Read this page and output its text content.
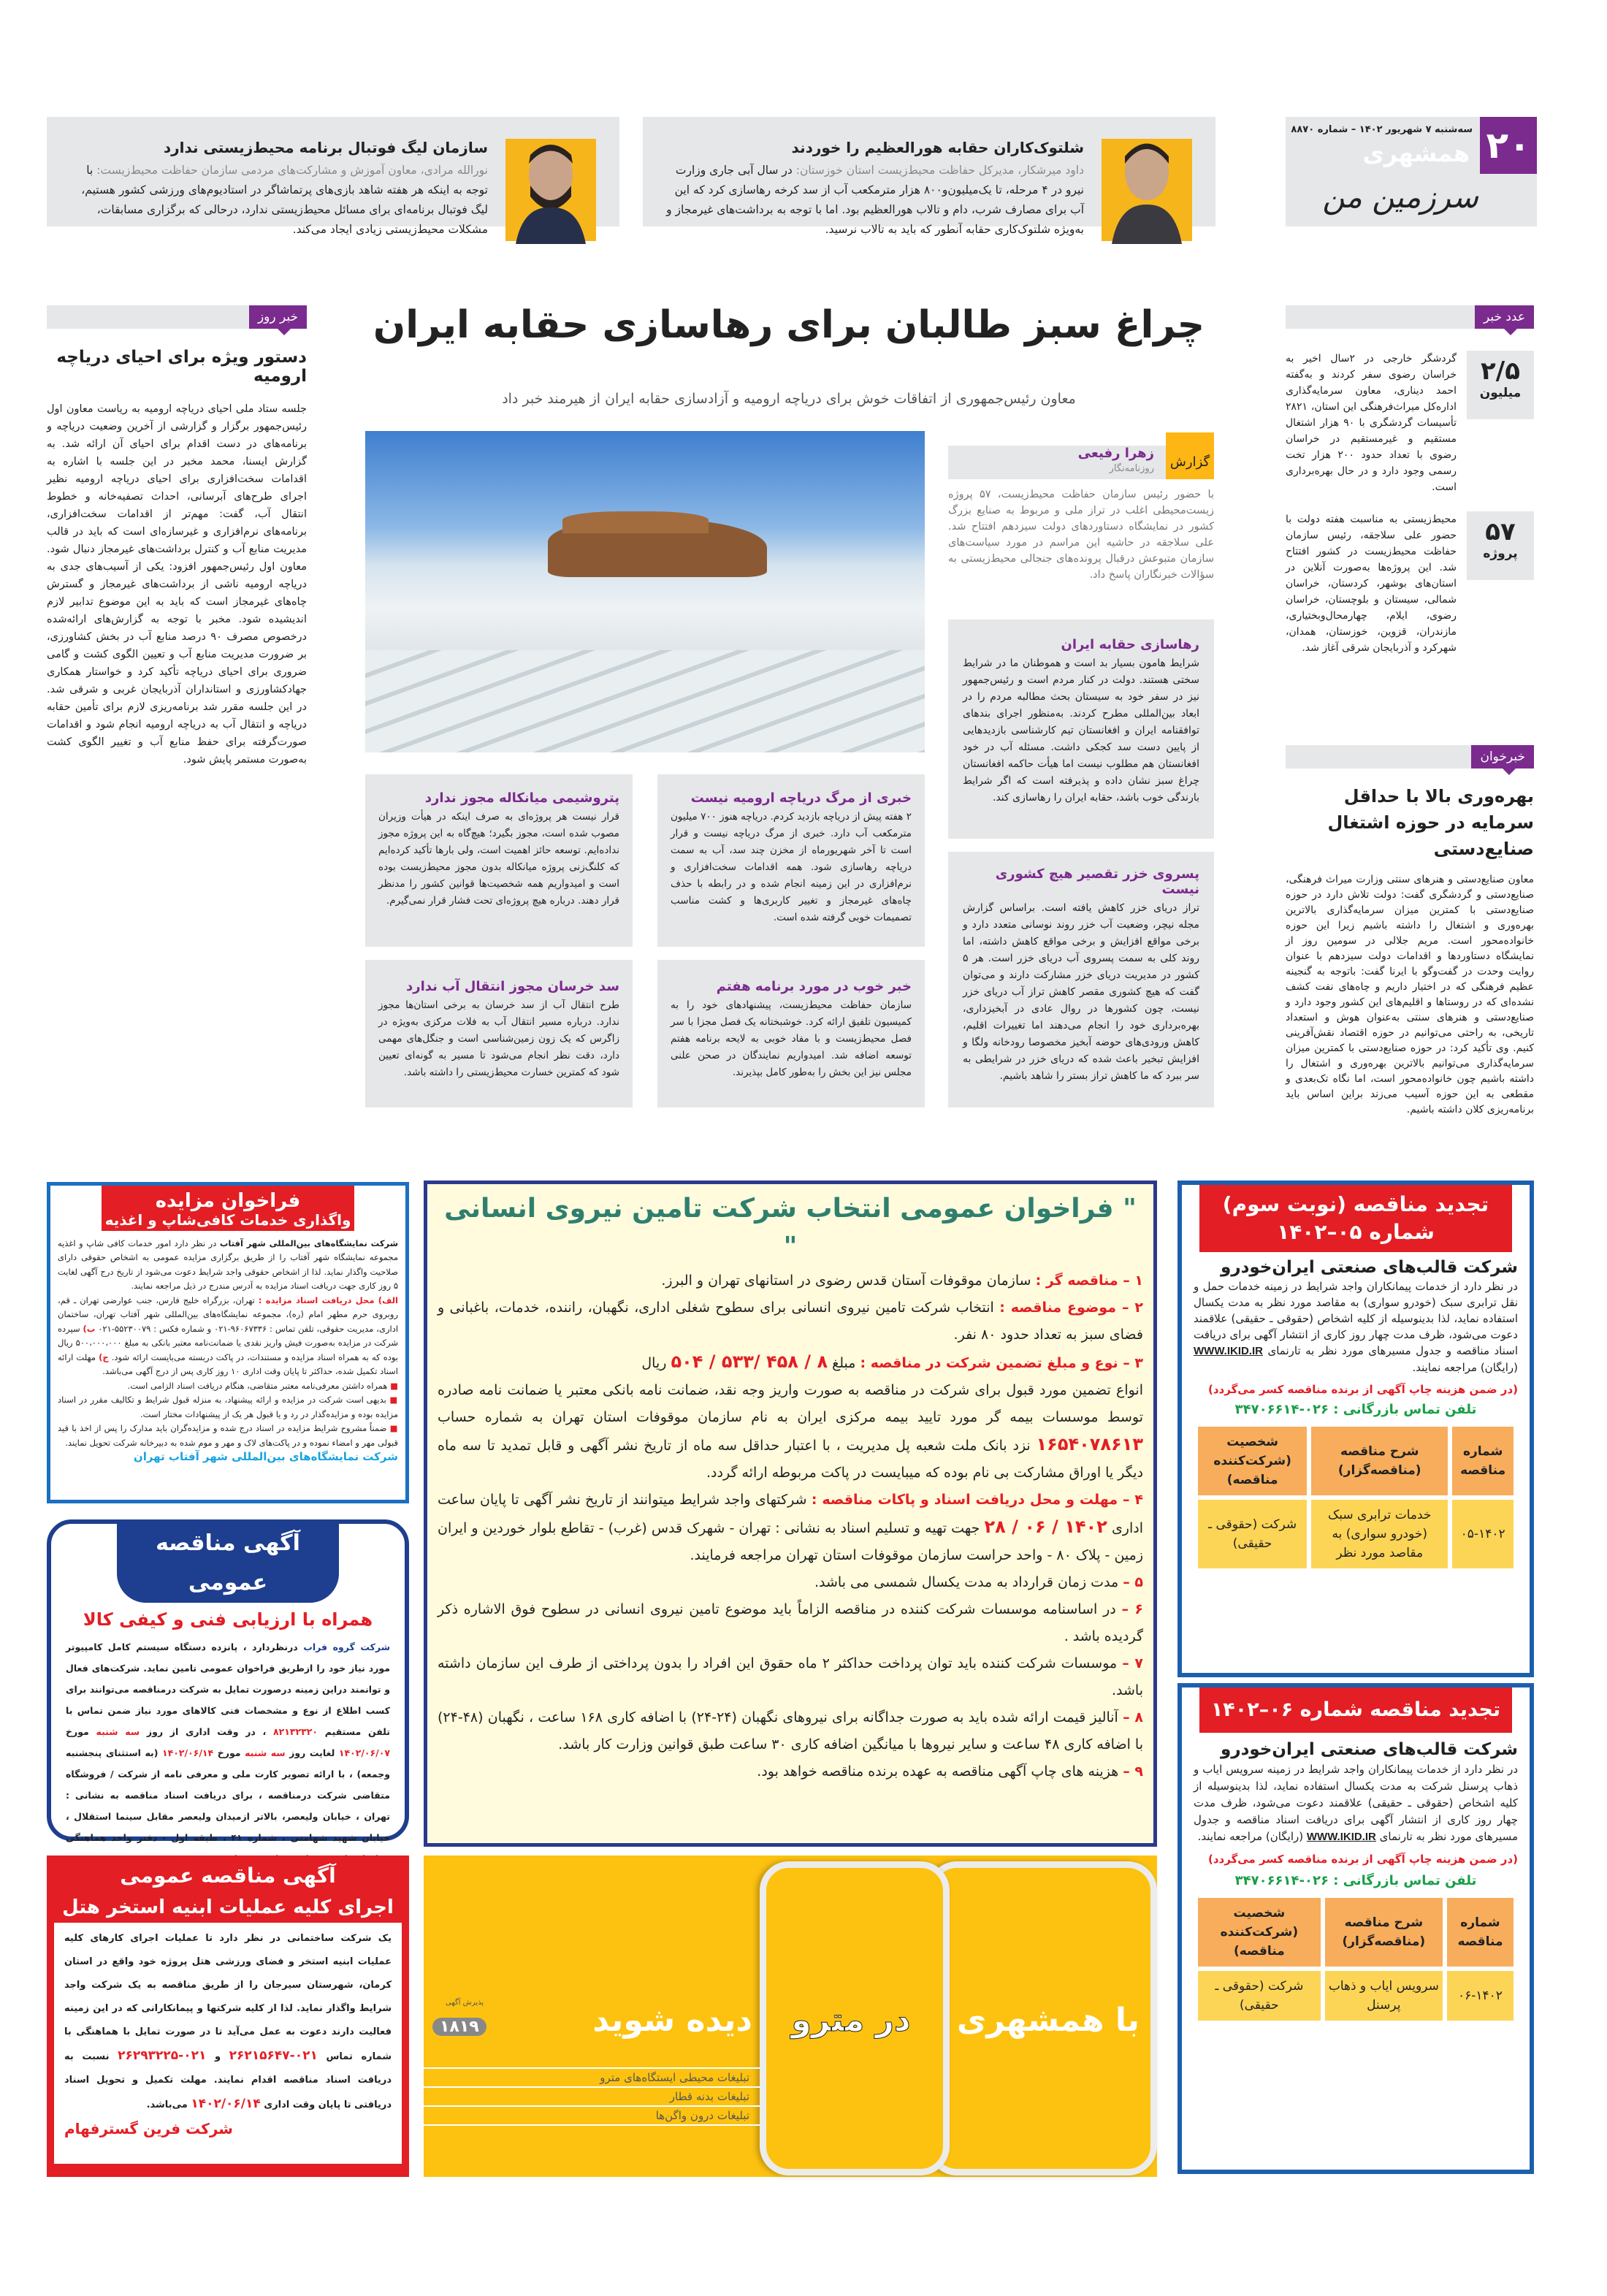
شلتوک‌کاران حقابه هورالعظیم را خوردند

داود میرشکار، مدیرکل حفاظت محیط‌زیست استان خوزستان: در سال آبی جاری وزارت نیرو در ۴ مرحله، تا یک‌میلیون‌و۸۰۰ هزار مترمکعب آب از سد کرخه رهاسازی کرد که این آب برای مصارف شرب، دام و تالاب هورالعظیم بود. اما با توجه به برداشت‌های غیرمجاز و به‌ویژه شلتوک‌کاری حقابه آنطور که باید به تالاب نرسید.

سازمان لیگ فوتبال برنامه محیط‌زیستی ندارد

نورالله مرادی، معاون آموزش و مشارکت‌های مردمی سازمان حفاظت محیط‌زیست: با توجه به اینکه هر هفته شاهد بازی‌های پرتماشاگر در استادیوم‌های ورزشی کشور هستیم، لیگ فوتبال برنامه‌ای برای مسائل محیط‌زیستی ندارد، درحالی که برگزاری مسابقات، مشکلات محیط‌زیستی زیادی ایجاد می‌کند.

۲۰
سه‌شنبه ۷ شهریور ۱۴۰۲ – شماره ۸۸۷۰
همشهری
سرزمین من
عدد خبر
۲/۵
میلیون

گردشگر خارجی در ۲سال اخیر به خراسان رضوی سفر کردند و به‌گفته احمد دیناری، معاون سرمایه‌گذاری اداره‌کل میراث‌فرهنگی این استان، ۲۸۲۱ تأسیسات گردشگری با ۹۰ هزار اشتغال مستقیم و غیرمستقیم در خراسان رضوی با تعداد حدود ۲۰۰ هزار تخت رسمی وجود دارد و در حال بهره‌برداری است.

۵۷
پروژه

محیط‌زیستی به مناسبت هفته دولت با حضور علی سلاجقه، رئیس سازمان حفاظت محیط‌زیست در کشور افتتاح شد. این پروژه‌ها به‌صورت آنلاین در استان‌های بوشهر، کردستان، خراسان شمالی، سیستان و بلوچستان، خراسان رضوی، ایلام، چهارمحال‌وبختیاری، مازندران، قزوین، خوزستان، همدان، شهرکرد و آذربایجان شرقی آغاز شد.

خبرخوان
بهره‌وری بالا با حداقل سرمایه در حوزه اشتغال صنایع‌دستی

معاون صنایع‌دستی و هنرهای سنتی وزارت میراث فرهنگی، صنایع‌دستی و گردشگری گفت: دولت تلاش دارد در حوزه صنایع‌دستی با کمترین میزان سرمایه‌گذاری بالاترین بهره‌وری و اشتغال را داشته باشیم زیرا این حوزه خانواده‌محور است. مریم جلالی در سومین روز از نمایشگاه دستاوردها و اقدامات دولت سیزدهم با عنوان روایت وحدت در گفت‌وگو با ایرنا گفت: باتوجه به گنجینه عظیم فرهنگی که در اختیار داریم و چاه‌های نفت کشف نشده‌ای که در روستاها و اقلیم‌های این کشور وجود دارد و صنایع‌دستی و هنرهای سنتی به‌عنوان هوش و استعداد تاریخی، به راحتی می‌توانیم در حوزه اقتصاد نقش‌آفرینی کنیم. وی تأکید کرد: در حوزه صنایع‌دستی با کمترین میزان سرمایه‌گذاری می‌توانیم بالاترین بهره‌وری و اشتغال را داشته باشیم چون خانواده‌محور است، اما نگاه تک‌بعدی و مقطعی به این حوزه آسیب می‌زند براین اساس باید برنامه‌ریزی کلان داشته باشیم.

خبر روز
دستور ویژه برای احیای دریاچه ارومیه

جلسه ستاد ملی احیای دریاچه ارومیه به ریاست معاون اول رئیس‌جمهور برگزار و گزارشی از آخرین وضعیت دریاچه و برنامه‌های در دست اقدام برای احیای آن ارائه شد. به گزارش ایسنا، محمد مخبر در این جلسه با اشاره به اقدامات سخت‌افزاری برای احیای دریاچه ارومیه نظیر اجرای طرح‌های آبرسانی، احداث تصفیه‌خانه و خطوط انتقال آب، گفت: مهم‌تر از اقدامات سخت‌افزاری، برنامه‌های نرم‌افزاری و غیرسازه‌ای است که باید در قالب مدیریت منابع آب و کنترل برداشت‌های غیرمجاز دنبال شود. معاون اول رئیس‌جمهور افزود: یکی از آسیب‌های جدی به دریاچه ارومیه ناشی از برداشت‌های غیرمجاز و گسترش چاه‌های غیرمجاز است که باید به این موضوع تدابیر لازم اندیشیده شود. مخبر با توجه به گزارش‌های ارائه‌شده درخصوص مصرف ۹۰ درصد منابع آب در بخش کشاورزی، بر ضرورت مدیریت منابع آب و تعیین الگوی کشت و گامی ضروری برای احیای دریاچه تأکید کرد و خواستار همکاری جهادکشاورزی و استانداران آذربایجان غربی و شرقی شد. در این جلسه مقرر شد برنامه‌ریزی لازم برای تأمین حقابه دریاچه و انتقال آب به دریاچه ارومیه انجام شود و اقدامات صورت‌گرفته برای حفظ منابع آب و تغییر الگوی کشت به‌صورت مستمر پایش شود.

چراغ سبز طالبان برای رهاسازی حقابه ایران
معاون رئیس‌جمهوری از اتفاقات خوش برای دریاچه ارومیه و آزادسازی حقابه ایران از هیرمند خبر داد
گزارش
زهرا رفیعی
روزنامه‌نگار

با حضور رئیس سازمان حفاظت محیط‌زیست، ۵۷ پروژه زیست‌محیطی اغلب در تراز ملی و مربوط به صنایع بزرگ کشور در نمایشگاه دستاوردهای دولت سیزدهم افتتاح شد. علی سلاجقه در حاشیه این مراسم در مورد سیاست‌های سازمان متبوعش درقبال پرونده‌های جنجالی محیط‌زیستی به سؤالات خبرنگاران پاسخ داد.

رهاسازی حقابه ایران

شرایط هامون بسیار بد است و هموطنان ما در شرایط سختی هستند. دولت در کنار مردم است و رئیس‌جمهور نیز در سفر خود به سیستان بحث مطالبه مردم را در ابعاد بین‌المللی مطرح کردند. به‌منظور اجرای بندهای توافقنامه ایران و افغانستان تیم کارشناسی بازدیدهایی از پایین دست سد کجکی داشت. مسئله آب در خود افغانستان هم مطلوب نیست اما هیأت حاکمه افغانستان چراغ سبز نشان داده و پذیرفته است که اگر شرایط بارندگی خوب باشد، حقابه ایران را رهاسازی کند.

خبری از مرگ دریاچه ارومیه نیست

۲ هفته پیش از دریاچه بازدید کردم. دریاچه هنوز ۷۰۰ میلیون مترمکعب آب دارد. خبری از مرگ دریاچه نیست و قرار است تا آخر شهریورماه از مخزن چند سد، آب به سمت دریاچه رهاسازی شود. همه اقدامات سخت‌افزاری و نرم‌افزاری در این زمینه انجام شده و در رابطه با حذف چاه‌های غیرمجاز و تغییر کاربری‌ها و کشت مناسب تصمیمات خوبی گرفته شده است.

پتروشیمی میانکاله مجوز ندارد

قرار نیست هر پروژه‌ای به صرف اینکه در هیأت وزیران مصوب شده است، مجوز بگیرد؛ هیچ‌گاه به این پروژه مجوز نداده‌ایم. توسعه حائز اهمیت است، ولی بارها تأکید کرده‌ایم که کلنگ‌زنی پروژه میانکاله بدون مجوز محیط‌زیست بوده است و امیدواریم همه شخصیت‌ها قوانین کشور را مدنظر قرار دهند. درباره هیچ پروژه‌ای تحت فشار قرار نمی‌گیرم.

پسروی خزر تقصیر هیچ کشوری نیست

تراز دریای خزر کاهش یافته است. براساس گزارش مجله نیچر، وضعیت آب خزر روند نوسانی متعدد دارد و برخی مواقع افزایش و برخی مواقع کاهش داشته، اما روند کلی به سمت پسروی آب دریای خزر است. هر ۵ کشور در مدیریت دریای خزر مشارکت دارند و می‌توان گفت که هیچ کشوری مقصر کاهش تراز آب دریای خزر نیست، چون کشورها در روال عادی در آبخیزداری، بهره‌برداری خود را انجام می‌دهند اما تغییرات اقلیم، کاهش ورودی‌های حوضه آبخیز مخصوصا رودخانه ولگا و افزایش تبخیر باعث شده که دریای خزر در شرایطی به سر ببرد که ما کاهش تراز بستر را شاهد باشیم.

خبر خوب در مورد برنامه هفتم

سازمان حفاظت محیط‌زیست، پیشنهادهای خود را به کمیسیون تلفیق ارائه کرد. خوشبختانه یک فصل مجزا با سر فصل محیط‌زیست و با مفاد خوبی به لایحه برنامه هفتم توسعه اضافه شد. امیدواریم نمایندگان در صحن علنی مجلس نیز این بخش را به‌طور کامل بپذیرند.

سد خرسان مجوز انتقال آب ندارد

طرح انتقال آب از سد خرسان به برخی استان‌ها مجوز ندارد. درباره مسیر انتقال آب به فلات مرکزی به‌ویژه در زاگرس که یک زون زمین‌شناسی است و جنگل‌های مهمی دارد، دقت نظر انجام می‌شود تا مسیر به گونه‌ای تعیین شود که کمترین خسارت محیط‌زیستی را داشته باشد.

" فراخوان عمومی انتخاب شرکت تامین نیروی انسانی "
۱ – مناقصه گر : سازمان موقوفات آستان قدس رضوی در استانهای تهران و البرز.
۲ – موضوع مناقصه : انتخاب شرکت تامین نیروی انسانی برای سطوح شغلی اداری، نگهبان، راننده، خدمات، باغبانی و فضای سبز به تعداد حدود ۸۰ نفر.
۳ – نوع و مبلغ تضمین شرکت در مناقصه : مبلغ ۸ / ۴۵۸ /۵۳۳ / ۵۰۴ ریال
انواع تضمین مورد قبول برای شرکت در مناقصه به صورت واریز وجه نقد، ضمانت نامه بانکی معتبر یا ضمانت نامه صادره توسط موسسات بیمه گر مورد تایید بیمه مرکزی ایران به نام سازمان موقوفات استان تهران به شماره حساب ۱۶۵۴۰۷۸۶۱۳ نزد بانک ملت شعبه پل مدیریت ، با اعتبار حداقل سه ماه از تاریخ نشر آگهی و قابل تمدید تا سه ماه دیگر یا اوراق مشارکت بی نام بوده که میبایست در پاکت مربوطه ارائه گردد.
۴ – مهلت و محل دریافت اسناد و پاکات مناقصه : شرکتهای واجد شرایط میتوانند از تاریخ نشر آگهی تا پایان ساعت اداری ۱۴۰۲ / ۰۶ / ۲۸ جهت تهیه و تسلیم اسناد به نشانی : تهران - شهرک قدس (غرب) - تقاطع بلوار خوردین و ایران زمین - پلاک ۸۰ - واحد حراست سازمان موقوفات استان تهران مراجعه فرمایند.
۵ – مدت زمان قرارداد به مدت یکسال شمسی می باشد.
۶ – در اساسنامه موسسات شرکت کننده در مناقصه الزاماً باید موضوع تامین نیروی انسانی در سطوح فوق الاشاره ذکر گردیده باشد .
۷ – موسسات شرکت کننده باید توان پرداخت حداکثر ۲ ماه حقوق این افراد را بدون پرداختی از طرف این سازمان داشته باشد.
۸ – آنالیز قیمت ارائه شده باید به صورت جداگانه برای نیروهای نگهبان (۲۴-۲۴) با اضافه کاری ۱۶۸ ساعت ، نگهبان (۴۸-۲۴) با اضافه کاری ۴۸ ساعت و سایر نیروها با میانگین اضافه کاری ۳۰ ساعت طبق قوانین وزارت کار باشد.
۹ – هزینه های چاپ آگهی مناقصه به عهده برنده مناقصه خواهد بود.
فراخوان مزایده
واگذاری خدمات کافی‌شاپ و اغذیه

شرکت نمایشگاه‌های بین‌المللی شهر آفتاب در نظر دارد امور خدمات کافی شاپ و اغذیه مجموعه نمایشگاه شهر آفتاب را از طریق برگزاری مزایده عمومی به اشخاص حقوقی دارای صلاحیت واگذار نماید. لذا از اشخاص حقوقی واجد شرایط دعوت می‌شود از تاریخ درج آگهی لغایت ۵ روز کاری جهت دریافت اسناد مزایده به آدرس مندرج در ذیل مراجعه نمایند.

الف) محل دریافت اسناد مزایده : تهران، بزرگراه خلیج فارس، جنب عوارضی تهران ـ قم، روبروی حرم مطهر امام (ره)، مجموعه نمایشگاه‌های بین‌المللی شهر آفتاب تهران، ساختمان اداری، مدیریت حقوقی، تلفن تماس : ۹۶۰۶۷۳۳۶-۰۲۱ و شماره فکس : ۵۵۲۳۰۰۷۹-۰۲۱ ب) سپرده شرکت در مزایده به‌صورت فیش واریز نقدی یا ضمانت‌نامه معتبر بانکی به مبلغ ۵۰۰،۰۰۰،۰۰۰ ریال بوده که به همراه اسناد مزایده و مستندات، در پاکت دربسته می‌بایست ارائه شود. ج) مهلت ارائه اسناد تکمیل شده، حداکثر تا پایان وقت اداری ۱۰ روز کاری پس از درج آگهی می‌باشد.

■ همراه داشتن معرفی‌نامه معتبر متقاضی، هنگام دریافت اسناد الزامی است.
■ بدیهی است شرکت در مزایده و ارائه پیشنهاد، به منزله قبول شرایط و تکالیف مقرر در اسناد مزایده بوده و مزایده‌گذار در رد و یا قبول هر یک از پیشنهادات مختار است.
■ ضمناً مشروح شرایط مزایده در اسناد درج شده و مزایده‌گران باید مدارک را پس از اخذ با قید قبولی مهر و امضاء نموده و در پاکت‌های لاک و مهر و موم شده به دبیرخانه شرکت تحویل نمایند.

شرکت نمایشگاه‌های بین‌المللی شهر آفتاب تهران

آگهی مناقصه عمومی
همراه با ارزیابی فنی و کیفی کالا

شرکت گروه فراب درنظردارد ، پانزده دستگاه سیستم کامل کامپیوتر مورد نیاز خود را ازطریق فراخوان عمومی تامین نماید. شرکت‌های فعال و توانمند دراین زمینه درصورت تمایل به شرکت درمناقصه می‌توانند برای کسب اطلاع از نوع و مشخصات فنی کالاهای مورد نیاز ضمن تماس با تلفن مستقیم ۸۲۱۳۲۳۲۰ ، در وقت اداری از روز سه شنبه مورخ ۱۴۰۲/۰۶/۰۷ لغایت روز سه شنبه مورخ ۱۴۰۲/۰۶/۱۴ (به استثنای پنجشنبه وجمعه) ، با ارائه تصویر کارت ملی و معرفی نامه از شرکت / فروشگاه متقاضی شرکت درمناقصه ، برای دریافت اسناد مناقصه به نشانی : تهران ، خیابان ولیعصر، بالاتر ازمیدان ولیعصر مقابل سینما استقلال ، خیابان شهید شهامتی ، شماره ۴۱ ، طبقه اول - دفتر واحد هماهنگی

آگهی مناقصه عمومی
اجرای کلیه عملیات ابنیه استخر هتل
یک شرکت ساختمانی در نظر دارد تا عملیات اجرای کارهای کلیه عملیات ابنیه استخر و فضای ورزشی هتل پروژه خود واقع در استان کرمان، شهرستان سیرجان را از طریق مناقصه به یک شرکت واجد شرایط واگذار نماید. لذا از کلیه شرکتها و پیمانکارانی که در این زمینه فعالیت دارند دعوت به عمل می‌آید تا در صورت تمایل با هماهنگی با شماره تماس ۰۲۱-۲۶۲۱۵۶۴۷ و ۰۲۱-۲۶۲۹۳۲۲۵ نسبت به دریافت اسناد مناقصه اقدام نمایند. مهلت تکمیل و تحویل اسناد دریافتی تا پایان وقت اداری ۱۴۰۲/۰۶/۱۴ می‌باشد.
شرکت فرین گسترفهام
تجدید مناقصه (نوبت سوم) شماره ۰۵–۱۴۰۲
شرکت قالب‌های صنعتی ایران‌خودرو

در نظر دارد از خدمات پیمانکاران واجد شرایط در زمینه خدمات حمل و نقل ترابری سبک (خودرو سواری) به مقاصد مورد نظر به مدت یکسال استفاده نماید، لذا بدینوسیله از کلیه اشخاص (حقوقی ـ حقیقی) علاقمند دعوت می‌شود، ظرف مدت چهار روز کاری از انتشار آگهی برای دریافت اسناد مناقصه و جدول مسیرهای مورد نظر به تارنمای WWW.IKID.IR (رایگان) مراجعه نمایند.

(در ضمن هزینه چاپ آگهی از برنده مناقصه کسر می‌گردد)
تلفن تماس بازرگانی : ۰۲۶-۳۴۷۰۶۶۱۴
شماره مناقصه	شرح مناقصه (مناقصه‌گزار)	شخصیت (شرکت‌کننده مناقصه)
۰۵-۱۴۰۲	خدمات ترابری سبک (خودرو سواری) به مقاصد مورد نظر	شرکت (حقوقی ـ حقیقی)
تجدید مناقصه شماره ۰۶–۱۴۰۲
شرکت قالب‌های صنعتی ایران‌خودرو

در نظر دارد از خدمات پیمانکاران واجد شرایط در زمینه سرویس ایاب و ذهاب پرسنل شرکت به مدت یکسال استفاده نماید، لذا بدینوسیله از کلیه اشخاص (حقوقی ـ حقیقی) علاقمند دعوت می‌شود، ظرف مدت چهار روز کاری از انتشار آگهی برای دریافت اسناد مناقصه و جدول مسیرهای مورد نظر به تارنمای WWW.IKID.IR (رایگان) مراجعه نمایند.

(در ضمن هزینه چاپ آگهی از برنده مناقصه کسر می‌گردد)
تلفن تماس بازرگانی : ۰۲۶-۳۴۷۰۶۶۱۴
شماره مناقصه	شرح مناقصه (مناقصه‌گزار)	شخصیت (شرکت‌کننده مناقصه)
۰۶-۱۴۰۲	سرویس ایاب و ذهاب پرسنل	شرکت (حقوقی ـ حقیقی)
با همشهری
در مترو
دیده شوید
پذیرش آگهی
۱۸۱۹
تبلیغات محیطی ایستگاه‌های مترو
تبلیغات بدنه قطار
تبلیغات درون واگن‌ها
